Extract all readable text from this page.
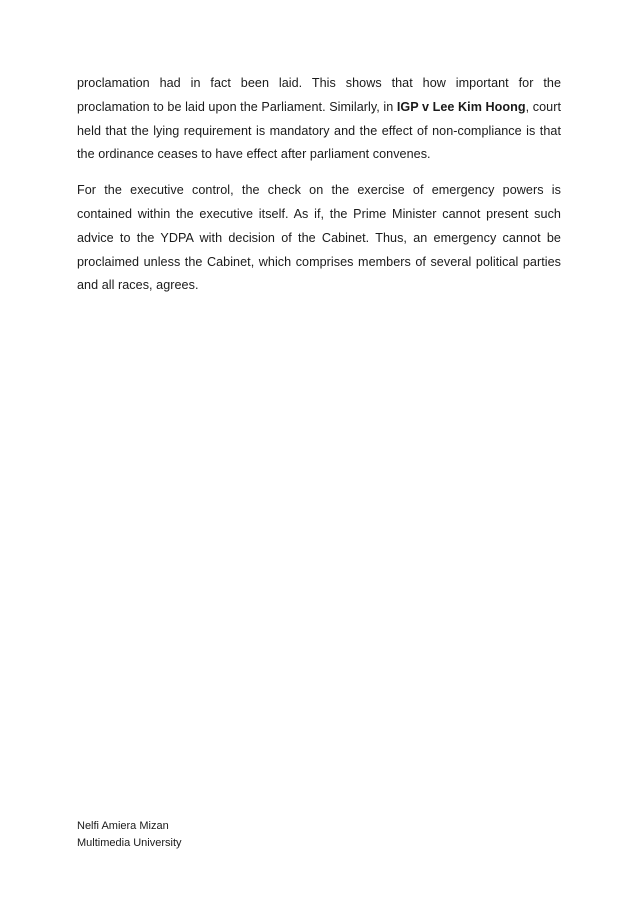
proclamation had in fact been laid. This shows that how important for the proclamation to be laid upon the Parliament. Similarly, in IGP v Lee Kim Hoong, court held that the lying requirement is mandatory and the effect of non-compliance is that the ordinance ceases to have effect after parliament convenes.

For the executive control, the check on the exercise of emergency powers is contained within the executive itself. As if, the Prime Minister cannot present such advice to the YDPA with decision of the Cabinet. Thus, an emergency cannot be proclaimed unless the Cabinet, which comprises members of several political parties and all races, agrees.

Nelfi Amiera Mizan
Multimedia University
